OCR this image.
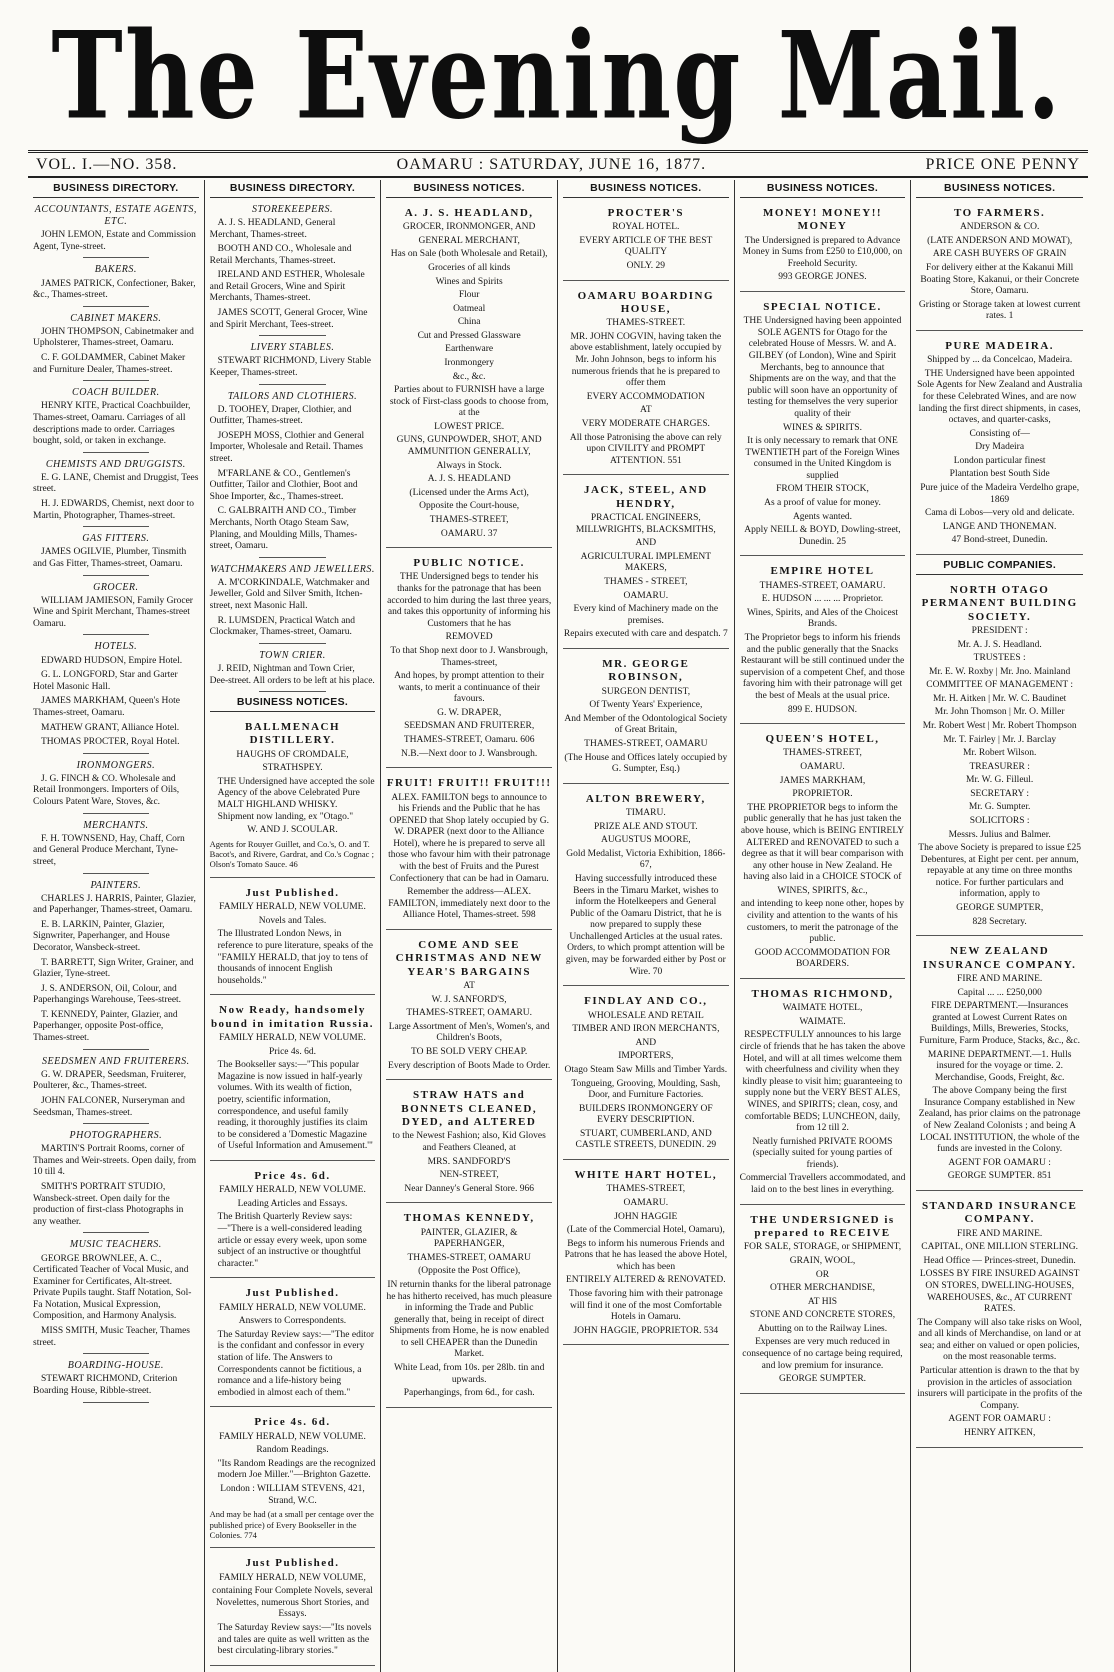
The Evening Mail.
VOL. I.—NO. 358.	OAMARU : SATURDAY, JUNE 16, 1877.	PRICE ONE PENNY
BUSINESS DIRECTORY.
ACCOUNTANTS, ESTATE AGENTS, ETC.
JOHN LEMON, Estate and Commission Agent, Tyne-street.
BAKERS.
JAMES PATRICK, Confectioner, Baker, &c., Thames-street.
CABINET MAKERS.
JOHN THOMPSON, Cabinetmaker and Upholsterer, Thames-street, Oamaru.
C. F. GOLDAMMER, Cabinet Maker and Furniture Dealer, Thames-street.
COACH BUILDER.
HENRY KITE, Practical Coachbuilder, Thames-street, Oamaru. Carriages of all descriptions made to order. Carriages bought, sold, or taken in exchange.
CHEMISTS AND DRUGGISTS.
E. G. LANE, Chemist and Druggist, Tees street.
H. J. EDWARDS, Chemist, next door to Martin, Photographer, Thames-street.
GAS FITTERS.
JAMES OGILVIE, Plumber, Tinsmith and Gas Fitter, Thames-street, Oamaru.
GROCER.
WILLIAM JAMIESON, Family Grocer Wine and Spirit Merchant, Thames-street Oamaru.
HOTELS.
EDWARD HUDSON, Empire Hotel.
G. L. LONGFORD, Star and Garter Hotel Masonic Hall.
JAMES MARKHAM, Queen's Hote Thames-street, Oamaru.
MATHEW GRANT, Alliance Hotel.
THOMAS PROCTER, Royal Hotel.
IRONMONGERS.
J. G. FINCH & CO. Wholesale and Retail Ironmongers. Importers of Oils, Colours Patent Ware, Stoves, &c.
MERCHANTS.
F. H. TOWNSEND, Hay, Chaff, Corn and General Produce Merchant, Tyne-street,
PAINTERS.
CHARLES J. HARRIS, Painter, Glazier, and Paperhanger, Thames-street, Oamaru.
E. B. LARKIN, Painter, Glazier, Signwriter, Paperhanger, and House Decorator, Wansbeck-street.
T. BARRETT, Sign Writer, Grainer, and Glazier, Tyne-street.
J. S. ANDERSON, Oil, Colour, and Paperhangings Warehouse, Tees-street.
T. KENNEDY, Painter, Glazier, and Paperhanger, opposite Post-office, Thames-street.
SEEDSMEN AND FRUITERERS.
G. W. DRAPER, Seedsman, Fruiterer, Poulterer, &c., Thames-street.
JOHN FALCONER, Nurseryman and Seedsman, Thames-street.
PHOTOGRAPHERS.
MARTIN'S Portrait Rooms, corner of Thames and Weir-streets. Open daily, from 10 till 4.
SMITH'S PORTRAIT STUDIO, Wansbeck-street. Open daily for the production of first-class Photographs in any weather.
MUSIC TEACHERS.
GEORGE BROWNLEE, A. C., Certificated Teacher of Vocal Music, and Examiner for Certificates, Alt-street. Private Pupils taught. Staff Notation, Sol-Fa Notation, Musical Expression, Composition, and Harmony Analysis.
MISS SMITH, Music Teacher, Thames street.
BOARDING-HOUSE.
STEWART RICHMOND, Criterion Boarding House, Ribble-street.
BUSINESS DIRECTORY.
STOREKEEPERS.
A. J. S. HEADLAND, General Merchant, Thames-street.
BOOTH AND CO., Wholesale and Retail Merchants, Thames-street.
IRELAND AND ESTHER, Wholesale and Retail Grocers, Wine and Spirit Merchants, Thames-street.
JAMES SCOTT, General Grocer, Wine and Spirit Merchant, Tees-street.
LIVERY STABLES.
STEWART RICHMOND, Livery Stable Keeper, Thames-street.
TAILORS AND CLOTHIERS.
D. TOOHEY, Draper, Clothier, and Outfitter, Thames-street.
JOSEPH MOSS, Clothier and General Importer, Wholesale and Retail. Thames street.
M'FARLANE & CO., Gentlemen's Outfitter, Tailor and Clothier, Boot and Shoe Importer, &c., Thames-street.
C. GALBRAITH AND CO., Timber Merchants, North Otago Steam Saw, Planing, and Moulding Mills, Thames-street, Oamaru.
WATCHMAKERS AND JEWELLERS.
A. M'CORKINDALE, Watchmaker and Jeweller, Gold and Silver Smith, Itchen-street, next Masonic Hall.
R. LUMSDEN, Practical Watch and Clockmaker, Thames-street, Oamaru.
TOWN CRIER.
J. REID, Nightman and Town Crier, Dee-street. All orders to be left at his place.
BUSINESS NOTICES.

BALLMENACH DISTILLERY.

HAUGHS OF CROMDALE,

STRATHSPEY.

THE Undersigned have accepted the sole Agency of the above Celebrated Pure MALT HIGHLAND WHISKY. Shipment now landing, ex "Otago."

W. AND J. SCOULAR.

Agents for Rouyer Guillet, and Co.'s, O. and T. Bacot's, and Rivere, Gardrat, and Co.'s Cognac ; Olson's Tomato Sauce. 46

Just Published.

FAMILY HERALD, NEW VOLUME.

Novels and Tales.

The Illustrated London News, in reference to pure literature, speaks of the "FAMILY HERALD, that joy to tens of thousands of innocent English households."

Now Ready, handsomely bound in imitation Russia.

FAMILY HERALD, NEW VOLUME.

Price 4s. 6d.

The Bookseller says:—"This popular Magazine is now issued in half-yearly volumes. With its wealth of fiction, poetry, scientific information, correspondence, and useful family reading, it thoroughly justifies its claim to be considered a 'Domestic Magazine of Useful Information and Amusement.'"

Price 4s. 6d.

FAMILY HERALD, NEW VOLUME.

Leading Articles and Essays.

The British Quarterly Review says:—"There is a well-considered leading article or essay every week, upon some subject of an instructive or thoughtful character."

Just Published.

FAMILY HERALD, NEW VOLUME.

Answers to Correspondents.

The Saturday Review says:—"The editor is the confidant and confessor in every station of life. The Answers to Correspondents cannot be fictitious, a romance and a life-history being embodied in almost each of them."

Price 4s. 6d.

FAMILY HERALD, NEW VOLUME.

Random Readings.

"Its Random Readings are the recognized modern Joe Miller."—Brighton Gazette.

London : WILLIAM STEVENS, 421, Strand, W.C.

And may be had (at a small per centage over the published price) of Every Bookseller in the Colonies. 774

Just Published.

FAMILY HERALD, NEW VOLUME,

containing Four Complete Novels, several Novelettes, numerous Short Stories, and Essays.

The Saturday Review says:—"Its novels and tales are quite as well written as the best circulating-library stories."

BUSINESS NOTICES.

A. J. S. HEADLAND,

GROCER, IRONMONGER, AND

GENERAL MERCHANT,

Has on Sale (both Wholesale and Retail),

Groceries of all kinds

Wines and Spirits

Flour

Oatmeal

China

Cut and Pressed Glassware

Earthenware

Ironmongery

&c., &c.

Parties about to FURNISH have a large stock of First-class goods to choose from, at the

LOWEST PRICE.

GUNS, GUNPOWDER, SHOT, AND AMMUNITION GENERALLY,

Always in Stock.

A. J. S. HEADLAND

(Licensed under the Arms Act),

Opposite the Court-house,

THAMES-STREET,

OAMARU. 37

PUBLIC NOTICE.

THE Undersigned begs to tender his thanks for the patronage that has been accorded to him during the last three years, and takes this opportunity of informing his Customers that he has

REMOVED

To that Shop next door to J. Wansbrough, Thames-street,

And hopes, by prompt attention to their wants, to merit a continuance of their favours.

G. W. DRAPER,

SEEDSMAN AND FRUITERER,

THAMES-STREET, Oamaru. 606

N.B.—Next door to J. Wansbrough.

FRUIT! FRUIT!! FRUIT!!!

ALEX. FAMILTON begs to announce to his Friends and the Public that he has OPENED that Shop lately occupied by G. W. DRAPER (next door to the Alliance Hotel), where he is prepared to serve all those who favour him with their patronage with the best of Fruits and the Purest Confectionery that can be had in Oamaru.

Remember the address—ALEX. FAMILTON, immediately next door to the Alliance Hotel, Thames-street. 598

COME AND SEE CHRISTMAS AND NEW YEAR'S BARGAINS

AT

W. J. SANFORD'S,

THAMES-STREET, OAMARU.

Large Assortment of Men's, Women's, and Children's Boots,

TO BE SOLD VERY CHEAP.

Every description of Boots Made to Order.

STRAW HATS and BONNETS CLEANED, DYED, and ALTERED

to the Newest Fashion; also, Kid Gloves and Feathers Cleaned, at

MRS. SANDFORD'S

NEN-STREET,

Near Danney's General Store. 966

THOMAS KENNEDY,

PAINTER, GLAZIER, & PAPERHANGER,

THAMES-STREET, OAMARU

(Opposite the Post Office),

IN returnin thanks for the liberal patronage he has hitherto received, has much pleasure in informing the Trade and Public generally that, being in receipt of direct Shipments from Home, he is now enabled to sell CHEAPER than the Dunedin Market.

White Lead, from 10s. per 28lb. tin and upwards.

Paperhangings, from 6d., for cash.

BUSINESS NOTICES.

PROCTER'S

ROYAL HOTEL.

EVERY ARTICLE OF THE BEST QUALITY

ONLY. 29

OAMARU BOARDING HOUSE,

THAMES-STREET.

MR. JOHN COGVIN, having taken the above establishment, lately occupied by Mr. John Johnson, begs to inform his numerous friends that he is prepared to offer them

EVERY ACCOMMODATION

AT

VERY MODERATE CHARGES.

All those Patronising the above can rely upon CIVILITY and PROMPT ATTENTION. 551

JACK, STEEL, AND HENDRY,

PRACTICAL ENGINEERS, MILLWRIGHTS, BLACKSMITHS,

AND

AGRICULTURAL IMPLEMENT MAKERS,

THAMES - STREET,

OAMARU.

Every kind of Machinery made on the premises.

Repairs executed with care and despatch. 7

MR. GEORGE ROBINSON,

SURGEON DENTIST,

Of Twenty Years' Experience,

And Member of the Odontological Society of Great Britain,

THAMES-STREET, OAMARU

(The House and Offices lately occupied by G. Sumpter, Esq.)

ALTON BREWERY,

TIMARU.

PRIZE ALE AND STOUT.

AUGUSTUS MOORE,

Gold Medalist, Victoria Exhibition, 1866-67,

Having successfully introduced these Beers in the Timaru Market, wishes to inform the Hotelkeepers and General Public of the Oamaru District, that he is now prepared to supply these Unchallenged Articles at the usual rates. Orders, to which prompt attention will be given, may be forwarded either by Post or Wire. 70

FINDLAY AND CO.,

WHOLESALE AND RETAIL

TIMBER AND IRON MERCHANTS,

AND

IMPORTERS,

Otago Steam Saw Mills and Timber Yards.

Tongueing, Grooving, Moulding, Sash, Door, and Furniture Factories.

BUILDERS IRONMONGERY OF EVERY DESCRIPTION.

STUART, CUMBERLAND, AND CASTLE STREETS, DUNEDIN. 29

WHITE HART HOTEL,

THAMES-STREET,

OAMARU.

JOHN HAGGIE

(Late of the Commercial Hotel, Oamaru),

Begs to inform his numerous Friends and Patrons that he has leased the above Hotel, which has been

ENTIRELY ALTERED & RENOVATED.

Those favoring him with their patronage will find it one of the most Comfortable Hotels in Oamaru.

JOHN HAGGIE, PROPRIETOR. 534

BUSINESS NOTICES.

MONEY! MONEY!! MONEY

The Undersigned is prepared to Advance Money in Sums from £250 to £10,000, on Freehold Security.

993 GEORGE JONES.

SPECIAL NOTICE.

THE Undersigned having been appointed SOLE AGENTS for Otago for the celebrated House of Messrs. W. and A. GILBEY (of London), Wine and Spirit Merchants, beg to announce that Shipments are on the way, and that the public will soon have an opportunity of testing for themselves the very superior quality of their

WINES & SPIRITS.

It is only necessary to remark that ONE TWENTIETH part of the Foreign Wines consumed in the United Kingdom is supplied

FROM THEIR STOCK,

As a proof of value for money.

Agents wanted.

Apply NEILL & BOYD, Dowling-street, Dunedin. 25

EMPIRE HOTEL

THAMES-STREET, OAMARU.

E. HUDSON ... ... ... Proprietor.

Wines, Spirits, and Ales of the Choicest Brands.

The Proprietor begs to inform his friends and the public generally that the Snacks Restaurant will be still continued under the supervision of a competent Chef, and those favoring him with their patronage will get the best of Meals at the usual price.

899 E. HUDSON.

QUEEN'S HOTEL,

THAMES-STREET,

OAMARU.

JAMES MARKHAM,

PROPRIETOR.

THE PROPRIETOR begs to inform the public generally that he has just taken the above house, which is BEING ENTIRELY ALTERED and RENOVATED to such a degree as that it will bear comparison with any other house in New Zealand. He having also laid in a CHOICE STOCK of

WINES, SPIRITS, &c.,

and intending to keep none other, hopes by civility and attention to the wants of his customers, to merit the patronage of the public.

GOOD ACCOMMODATION FOR BOARDERS.

THOMAS RICHMOND,

WAIMATE HOTEL,

WAIMATE.

RESPECTFULLY announces to his large circle of friends that he has taken the above Hotel, and will at all times welcome them with cheerfulness and civility when they kindly please to visit him; guaranteeing to supply none but the VERY BEST ALES, WINES, and SPIRITS; clean, cosy, and comfortable BEDS; LUNCHEON, daily, from 12 till 2.

Neatly furnished PRIVATE ROOMS (specially suited for young parties of friends).

Commercial Travellers accommodated, and laid on to the best lines in everything.

THE UNDERSIGNED is prepared to RECEIVE

FOR SALE, STORAGE, or SHIPMENT,

GRAIN, WOOL,

OR

OTHER MERCHANDISE,

AT HIS

STONE AND CONCRETE STORES,

Abutting on to the Railway Lines.

Expenses are very much reduced in consequence of no cartage being required, and low premium for insurance.

GEORGE SUMPTER.

BUSINESS NOTICES.

TO FARMERS.

ANDERSON & CO.

(LATE ANDERSON AND MOWAT),

ARE CASH BUYERS OF GRAIN

For delivery either at the Kakanui Mill Boating Store, Kakanui, or their Concrete Store, Oamaru.

Gristing or Storage taken at lowest current rates. 1

PURE MADEIRA.

Shipped by ... da Concelcao, Madeira.

THE Undersigned have been appointed Sole Agents for New Zealand and Australia for these Celebrated Wines, and are now landing the first direct shipments, in cases, octaves, and quarter-casks,

Consisting of—

Dry Madeira

London particular finest

Plantation best South Side

Pure juice of the Madeira Verdelho grape, 1869

Cama di Lobos—very old and delicate.

LANGE AND THONEMAN.

47 Bond-street, Dunedin.

PUBLIC COMPANIES.

NORTH OTAGO PERMANENT BUILDING SOCIETY.

PRESIDENT :

Mr. A. J. S. Headland.

TRUSTEES :

Mr. E. W. Roxby | Mr. Jno. Mainland

COMMITTEE OF MANAGEMENT :

Mr. H. Aitken | Mr. W. C. Baudinet

Mr. John Thomson | Mr. O. Miller

Mr. Robert West | Mr. Robert Thompson

Mr. T. Fairley | Mr. J. Barclay

Mr. Robert Wilson.

TREASURER :

Mr. W. G. Filleul.

SECRETARY :

Mr. G. Sumpter.

SOLICITORS :

Messrs. Julius and Balmer.

The above Society is prepared to issue £25 Debentures, at Eight per cent. per annum, repayable at any time on three months notice. For further particulars and information, apply to

GEORGE SUMPTER,

828 Secretary.

NEW ZEALAND INSURANCE COMPANY.

FIRE AND MARINE.

Capital ... ... £250,000

FIRE DEPARTMENT.—Insurances granted at Lowest Current Rates on Buildings, Mills, Breweries, Stocks, Furniture, Farm Produce, Stacks, &c., &c.

MARINE DEPARTMENT.—1. Hulls insured for the voyage or time. 2. Merchandise, Goods, Freight, &c.

The above Company being the first Insurance Company established in New Zealand, has prior claims on the patronage of New Zealand Colonists ; and being A LOCAL INSTITUTION, the whole of the funds are invested in the Colony.

AGENT FOR OAMARU :

GEORGE SUMPTER. 851

STANDARD INSURANCE COMPANY.

FIRE AND MARINE.

CAPITAL, ONE MILLION STERLING.

Head Office — Princes-street, Dunedin.

LOSSES BY FIRE INSURED AGAINST ON STORES, DWELLING-HOUSES, WAREHOUSES, &c., AT CURRENT RATES.

The Company will also take risks on Wool, and all kinds of Merchandise, on land or at sea; and either on valued or open policies, on the most reasonable terms.

Particular attention is drawn to the that by provision in the articles of association insurers will participate in the profits of the Company.

AGENT FOR OAMARU :

HENRY AITKEN,
